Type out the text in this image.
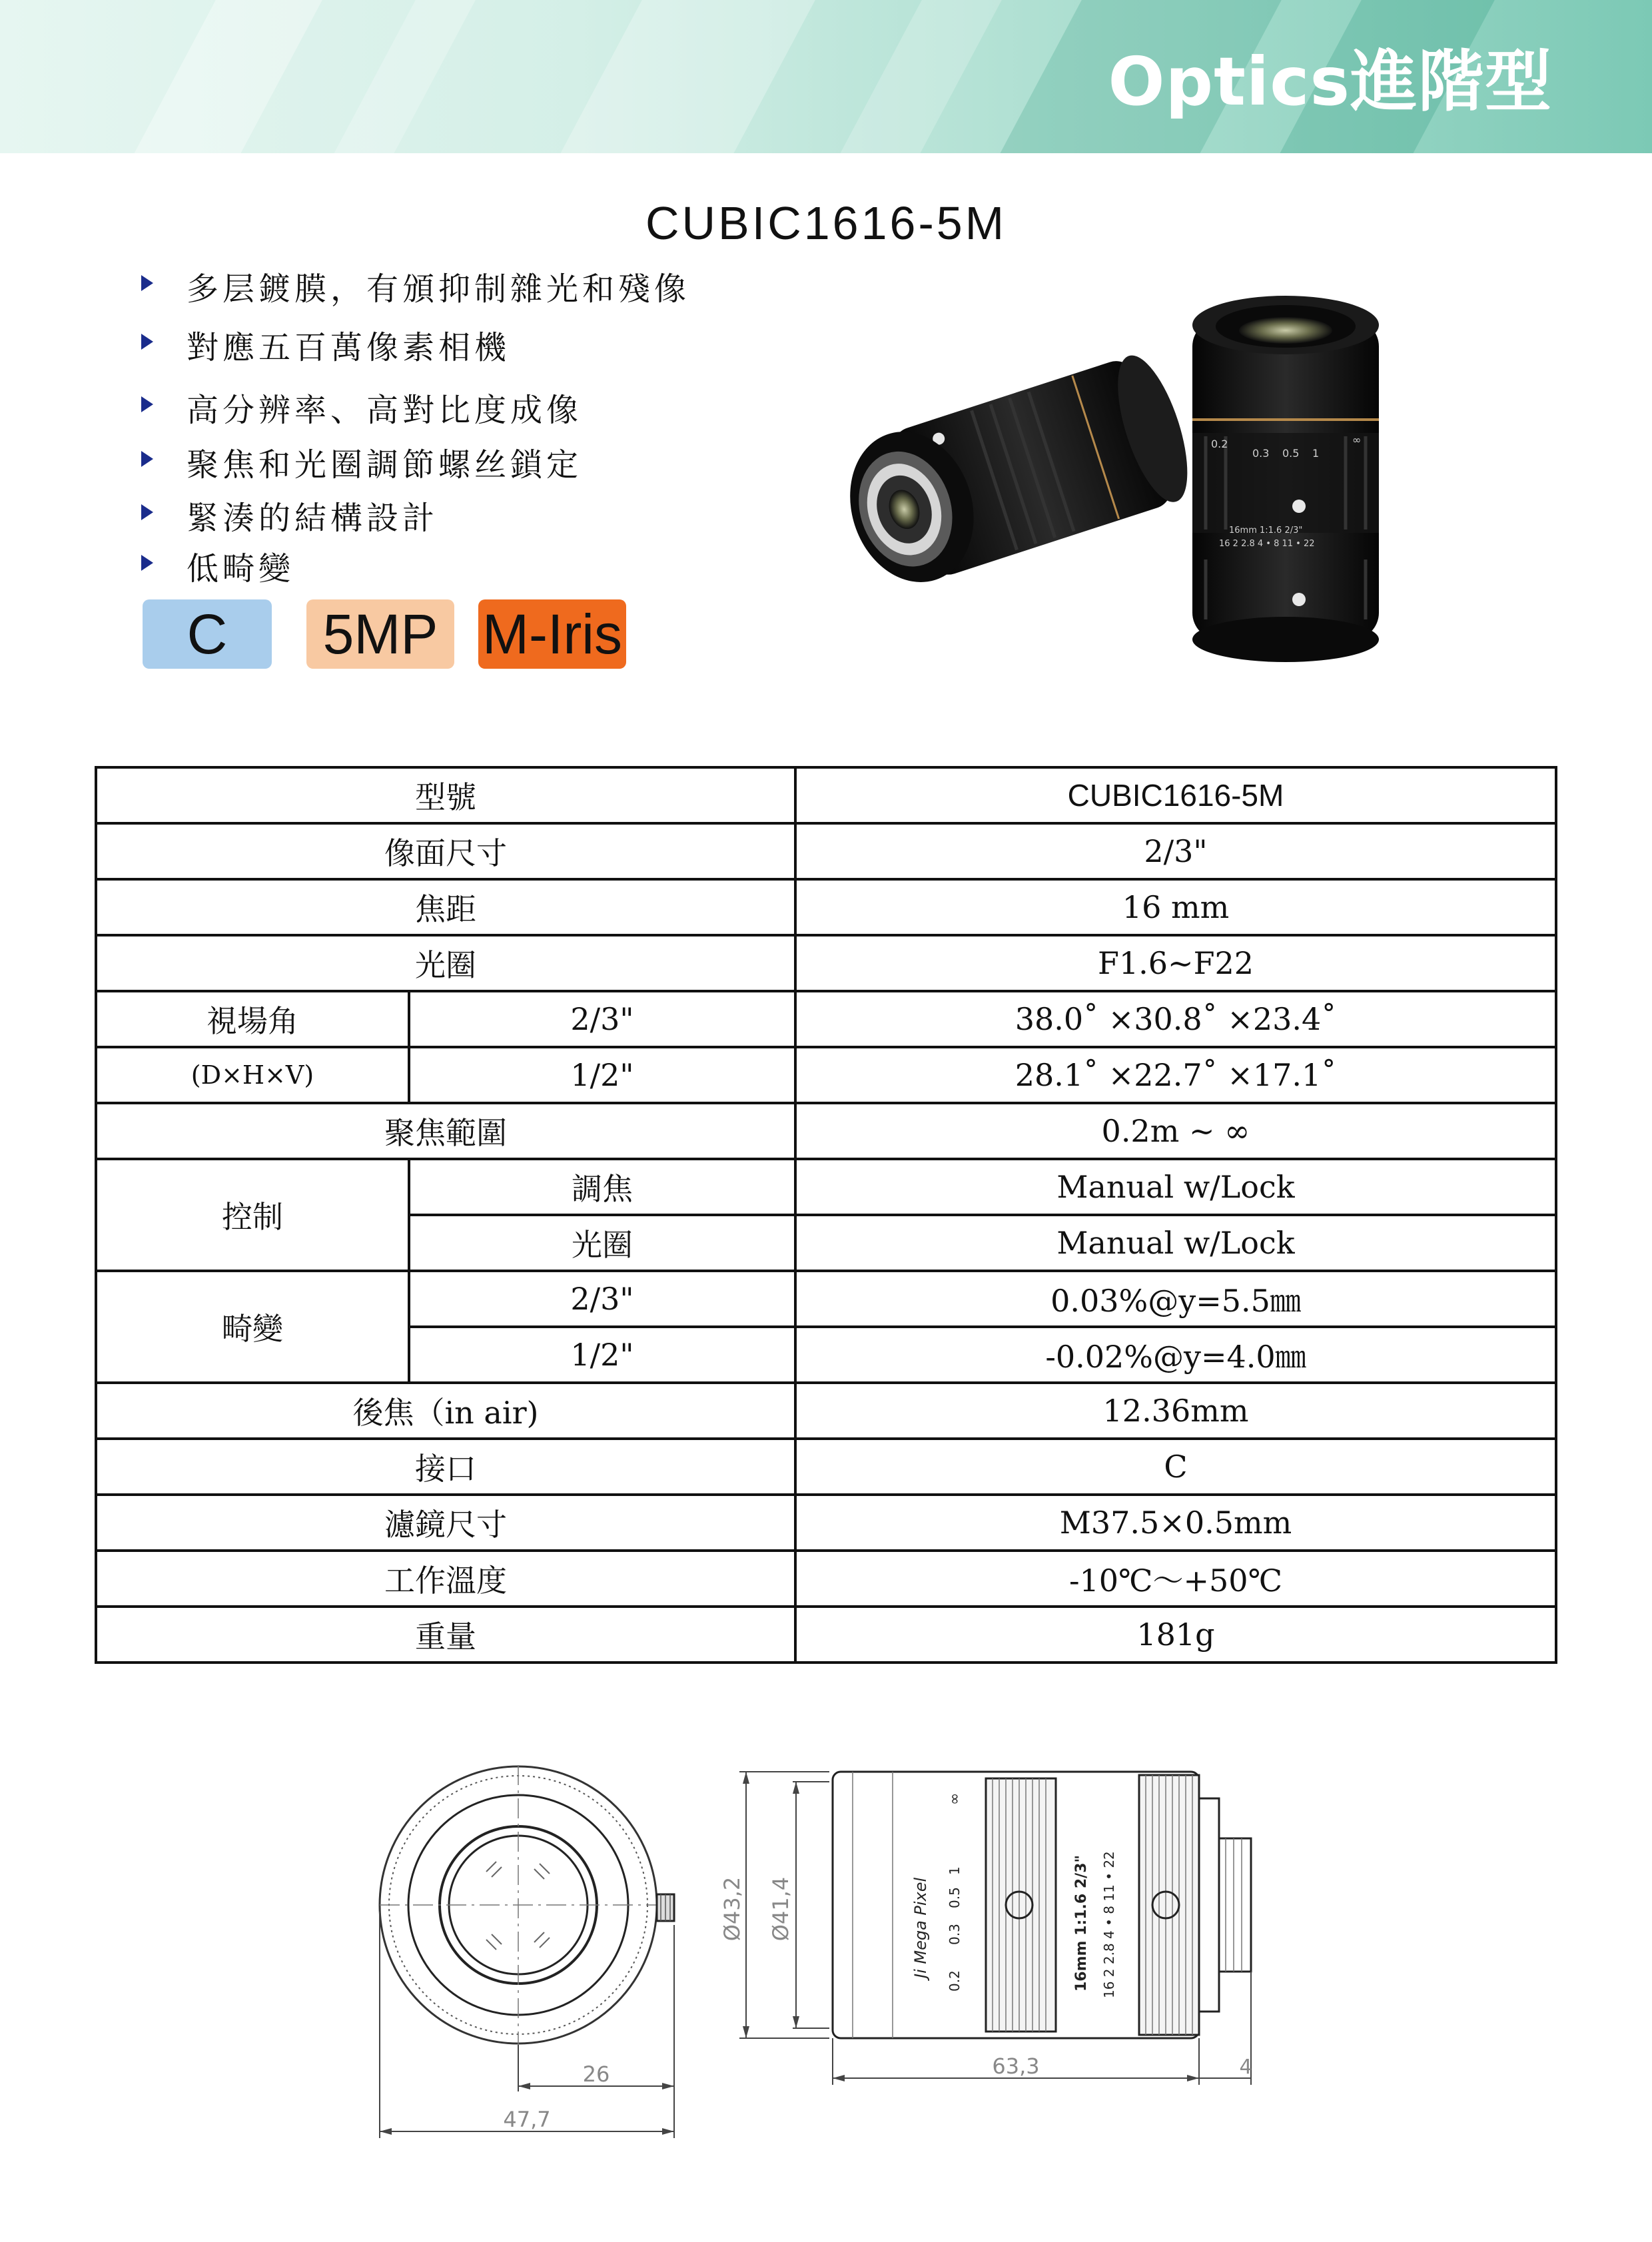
Optics進階型
CUBIC1616-5M
多层鍍膜，有頒抑制雜光和殘像
對應五百萬像素相機
高分辨率、高對比度成像
聚焦和光圈調節螺丝鎖定
緊湊的結構設計
低畸變
C	5MP M-Iris
0.2
0.3 0.5 1
∞
16mm 1:1.6 2/3"
16 2 2.8 4 • 8 11 • 22
型號		CUBIC1616-5M
像面尺寸		2/3"
焦距		16 mm
光圈		F1.6~F22
視場角	2/3"	38.0˚ ×30.8˚ ×23.4˚
(D×H×V)	1/2"	28.1˚ ×22.7˚ ×17.1˚
聚焦範圍		0.2m ~ ∞
控制	調焦	Manual w/Lock
	光圈	Manual w/Lock
畸變	2/3"	0.03%@y=5.5㎜
	1/2"	-0.02%@y=4.0㎜
後焦（in air)		12.36mm
接口		C
濾鏡尺寸		M37.5×0.5mm
工作溫度		-10℃～+50℃
重量		181g
26
47,7
0.2
0.3
0.5
1
∞
Ji Mega Pixel	16mm 1:1.6 2/3" 16 2 2.8 4 • 8 11 • 22
Ø43,2 Ø41,4
63,3	4
